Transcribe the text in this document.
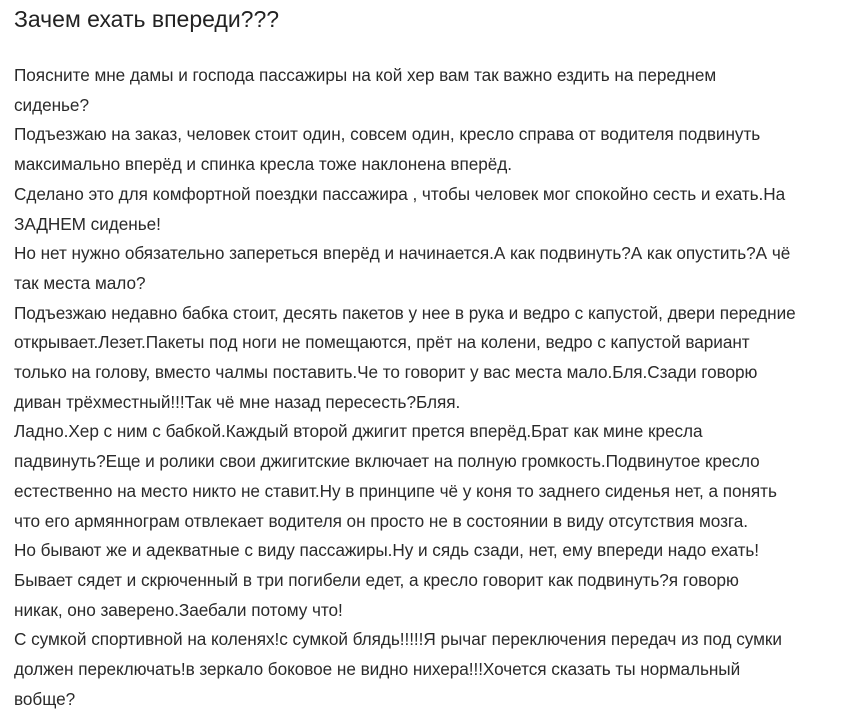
Зачем ехать впереди???

Поясните мне дамы и господа пассажиры на кой хер вам так важно ездить на переднем
сиденье?

Подъезжаю на заказ, человек стоит один, совсем один, кресло справа от водителя подвинуть
максимально вперёд и спинка кресла тоже наклонена вперёд.

Сделано это для комфортной поездки пассажира , чтобы человек мог спокойно сесть и ехать.На
ЗАДНЕМ сиденье!

Но нет нужно обязательно запереться вперёд и начинается.А как подвинуть?А как опустить?А чё
так места мало?

Подъезжаю недавно бабка стоит, десять пакетов у нее в рука и ведро с капустой, двери передние
открывает.Лезет.Пакеты под ноги не помещаются, прёт на колени, ведро с капустой вариант
только на голову, вместо чалмы поставить.Че то говорит у вас места мало.Бля.Сзади говорю
диван трёхместный!!!Так чё мне назад пересесть?Бляя.

Ладно.Хер с ним с бабкой.Каждый второй джигит прется вперёд.Брат как мине кресла
падвинуть?Еще и ролики свои джигитские включает на полную громкость.Подвинутое кресло
естественно на место никто не ставит.Ну в принципе чё у коня то заднего сиденья нет, а понять
что его армяннограм отвлекает водителя он просто не в состоянии в виду отсутствия мозга.

Но бывают же и адекватные с виду пассажиры.Ну и сядь сзади, нет, ему впереди надо ехать!

Бывает сядет и скрюченный в три погибели едет, а кресло говорит как подвинуть?я говорю
никак, оно заверено.Заебали потому что!

С сумкой спортивной на коленях!с сумкой блядь!!!!!Я рычаг переключения передач из под сумки
должен переключать!в зеркало боковое не видно нихера!!!Хочется сказать ты нормальный
вобще?
